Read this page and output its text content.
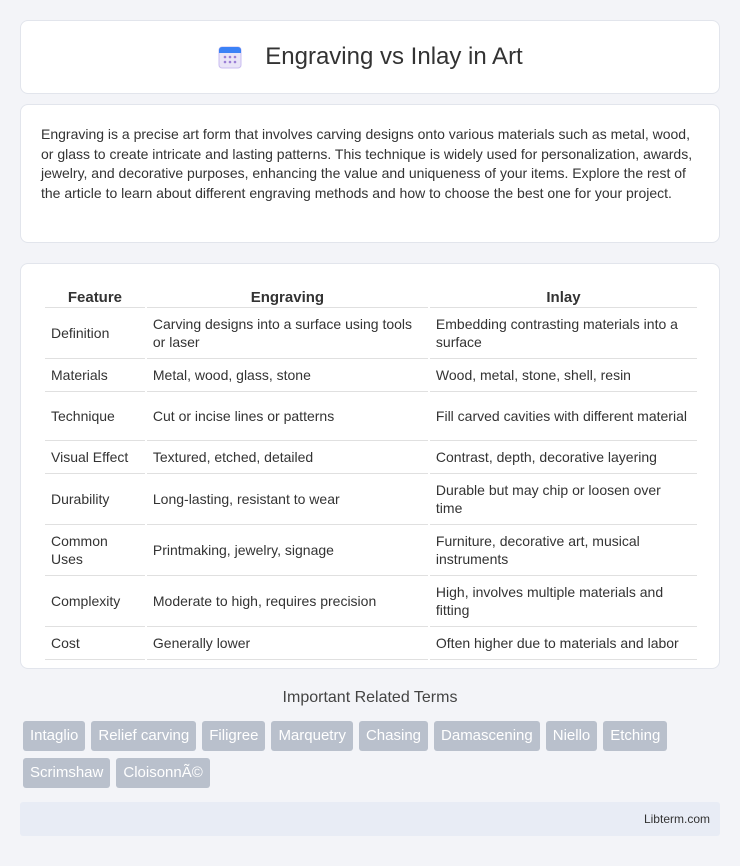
Engraving vs Inlay in Art

Engraving is a precise art form that involves carving designs onto various materials such as metal, wood, or glass to create intricate and lasting patterns. This technique is widely used for personalization, awards, jewelry, and decorative purposes, enhancing the value and uniqueness of your items. Explore the rest of the article to learn about different engraving methods and how to choose the best one for your project.

Feature	Engraving	Inlay
Definition	Carving designs into a surface using tools or laser	Embedding contrasting materials into a surface
Materials	Metal, wood, glass, stone	Wood, metal, stone, shell, resin
Technique	Cut or incise lines or patterns	Fill carved cavities with different material
Visual Effect	Textured, etched, detailed	Contrast, depth, decorative layering
Durability	Long-lasting, resistant to wear	Durable but may chip or loosen over time
Common Uses	Printmaking, jewelry, signage	Furniture, decorative art, musical instruments
Complexity	Moderate to high, requires precision	High, involves multiple materials and fitting
Cost	Generally lower	Often higher due to materials and labor
Important Related Terms
Intaglio	Relief carving	Filigree	Marquetry	Chasing	Damascening	Niello	Etching
Scrimshaw	CloisonnÃ©
Libterm.com
